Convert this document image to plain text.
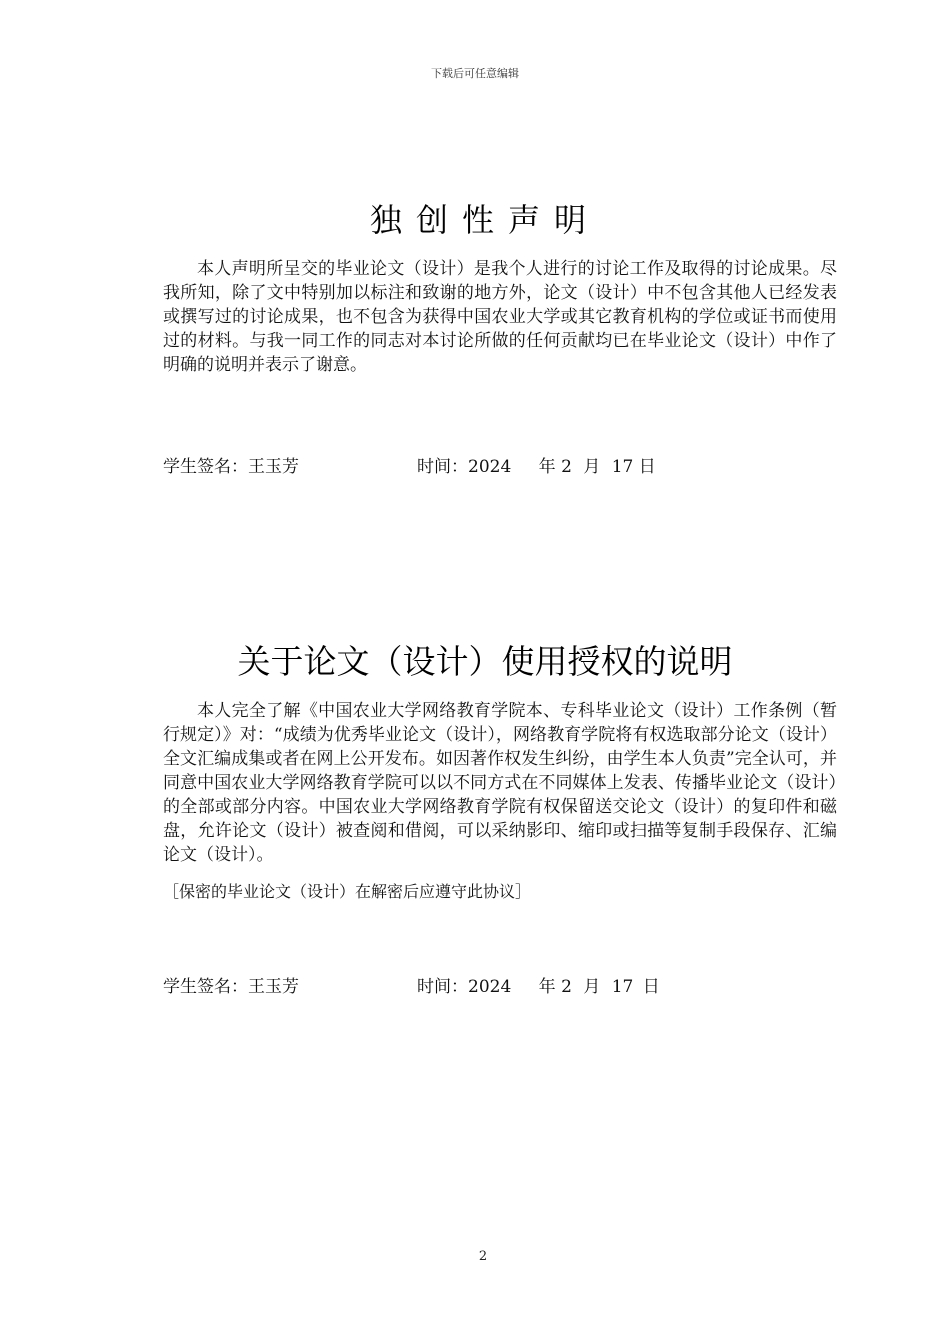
下载后可任意编辑
独创性声明
本人声明所呈交的毕业论文（设计）是我个人进行的讨论工作及取得的讨论成果。尽我所知，除了文中特别加以标注和致谢的地方外，论文（设计）中不包含其他人已经发表或撰写过的讨论成果，也不包含为获得中国农业大学或其它教育机构的学位或证书而使用过的材料。与我一同工作的同志对本讨论所做的任何贡献均已在毕业论文（设计）中作了明确的说明并表示了谢意。
学生签名：王玉芳	时间：2024 年 2 月 17 日
关于论文（设计）使用授权的说明
本人完全了解《中国农业大学网络教育学院本、专科毕业论文（设计）工作条例（暂行规定）》对：“成绩为优秀毕业论文（设计），网络教育学院将有权选取部分论文（设计）全文汇编成集或者在网上公开发布。如因著作权发生纠纷，由学生本人负责”完全认可，并同意中国农业大学网络教育学院可以以不同方式在不同媒体上发表、传播毕业论文（设计）的全部或部分内容。中国农业大学网络教育学院有权保留送交论文（设计）的复印件和磁盘，允许论文（设计）被查阅和借阅，可以采纳影印、缩印或扫描等复制手段保存、汇编论文（设计）。
［保密的毕业论文（设计）在解密后应遵守此协议］
学生签名：王玉芳	时间：2024 年 2 月 17 日
2
